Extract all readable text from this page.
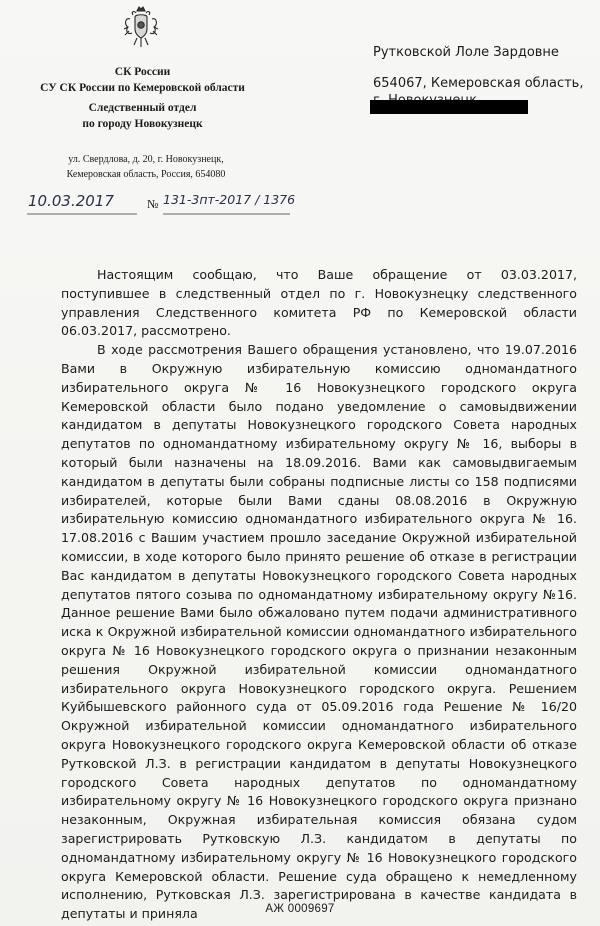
СК России
СУ СК России по Кемеровской области
Следственный отдел
по городу Новокузнецк
ул. Свердлова, д. 20, г. Новокузнецк,
Кемеровская область, Россия, 654080
10.03.2017	№ 131-3пт-2017 / 1376
Рутковской Лоле Зардовне
654067, Кемеровская область,

Настоящим сообщаю, что Ваше обращение от 03.03.2017, поступившее в следственный отдел по г. Новокузнецку следственного управления Следственного комитета РФ по Кемеровской области 06.03.2017, рассмотрено.

В ходе рассмотрения Вашего обращения установлено, что 19.07.2016 Вами в Окружную избирательную комиссию одномандатного избирательного округа № 16 Новокузнецкого городского округа Кемеровской области было подано уведомление о самовыдвижении кандидатом в депутаты Новокузнецкого городского Совета народных депутатов по одномандатному избирательному округу № 16, выборы в который были назначены на 18.09.2016. Вами как самовыдвигаемым кандидатом в депутаты были собраны подписные листы со 158 подписями избирателей, которые были Вами сданы 08.08.2016 в Окружную избирательную комиссию одномандатного избирательного округа № 16. 17.08.2016 с Вашим участием прошло заседание Окружной избирательной комиссии, в ходе которого было принято решение об отказе в регистрации Вас кандидатом в депутаты Новокузнецкого городского Совета народных депутатов пятого созыва по одномандатному избирательному округу №16. Данное решение Вами было обжаловано путем подачи административного иска к Окружной избирательной комиссии одномандатного избирательного округа № 16 Новокузнецкого городского округа о признании незаконным решения Окружной избирательной комиссии одномандатного избирательного округа Новокузнецкого городского округа. Решением Куйбышевского районного суда от 05.09.2016 года Решение № 16/20 Окружной избирательной комиссии одномандатного избирательного округа Новокузнецкого городского округа Кемеровской области об отказе Рутковской Л.З. в регистрации кандидатом в депутаты Новокузнецкого городского Совета народных депутатов по одномандатному избирательному округу № 16 Новокузнецкого городского округа признано незаконным, Окружная избирательная комиссия обязана судом зарегистрировать Рутковскую Л.З. кандидатом в депутаты по одномандатному избирательному округу № 16 Новокузнецкого городского округа Кемеровской области. Решение суда обращено к немедленному исполнению, Рутковская Л.З. зарегистрирована в качестве кандидата в депутаты и приняла	АЖ 0009697
